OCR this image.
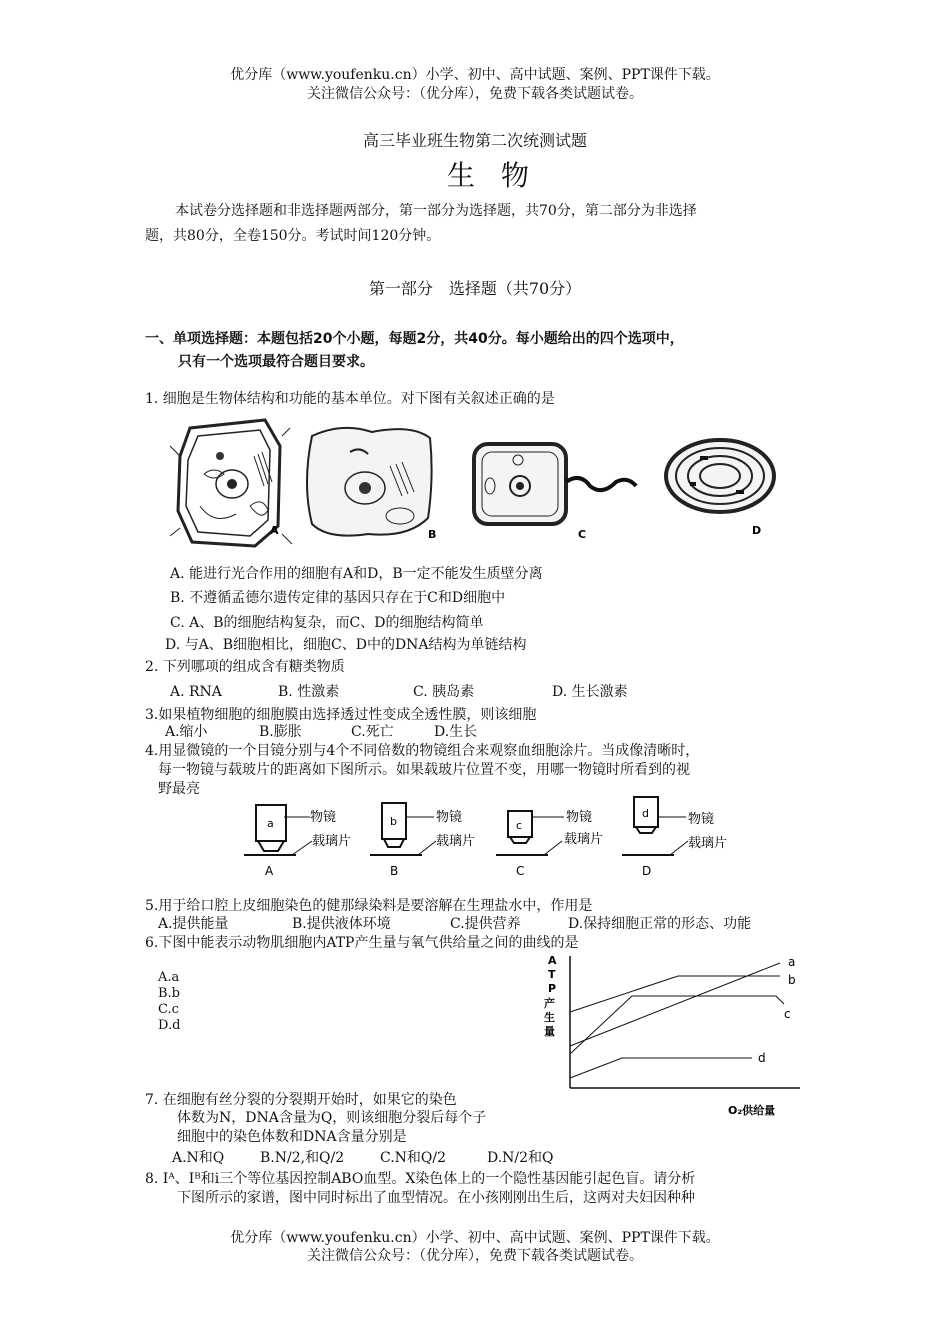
优分库（www.youfenku.cn）小学、初中、高中试题、案例、PPT课件下载。
关注微信公众号：（优分库），免费下载各类试题试卷。
高三毕业班生物第二次统测试题
生物
本试卷分选择题和非选择题两部分，第一部分为选择题，共70分，第二部分为非选择
题，共80分，全卷150分。考试时间120分钟。
第一部分　选择题（共70分）
一、单项选择题：本题包括20个小题，每题2分，共40分。每小题给出的四个选项中，
只有一个选项最符合题目要求。
1. 细胞是生物体结构和功能的基本单位。对下图有关叙述正确的是
A	B	C	D
A. 能进行光合作用的细胞有A和D，B一定不能发生质壁分离
B. 不遵循孟德尔遗传定律的基因只存在于C和D细胞中
C. A、B的细胞结构复杂，而C、D的细胞结构简单
D. 与A、B细胞相比，细胞C、D中的DNA结构为单链结构
2. 下列哪项的组成含有糖类物质
A. RNA	B. 性激素	C. 胰岛素	D. 生长激素
3.如果植物细胞的细胞膜由选择透过性变成全透性膜，则该细胞
A.缩小	B.膨胀	C.死亡	D.生长
4.用显微镜的一个目镜分别与4个不同倍数的物镜组合来观察血细胞涂片。当成像清晰时，
每一物镜与载玻片的距离如下图所示。如果载玻片位置不变，用哪一物镜时所看到的视
野最亮
a	物镜
载璃片
A
b	物镜
载璃片
B
c
物镜
载璃片
C
d	物镜
载璃片
D
5.用于给口腔上皮细胞染色的健那绿染料是要溶解在生理盐水中，作用是
A.提供能量	B.提供液体环境	C.提供营养	D.保持细胞正常的形态、功能
6.下图中能表示动物肌细胞内ATP产生量与氧气供给量之间的曲线的是
A.a
B.b
C.c
D.d
A
T
P
产
生
量
a
b
c
d
O₂供给量
7. 在细胞有丝分裂的分裂期开始时，如果它的染色
体数为N，DNA含量为Q，则该细胞分裂后每个子
细胞中的染色体数和DNA含量分别是
A.N和Q	B.N/2,和Q/2	C.N和Q/2	D.N/2和Q
8. Iᴬ、Iᴮ和i三个等位基因控制ABO血型。X染色体上的一个隐性基因能引起色盲。请分析
下图所示的家谱，图中同时标出了血型情况。在小孩刚刚出生后，这两对夫妇因种种
优分库（www.youfenku.cn）小学、初中、高中试题、案例、PPT课件下载。
关注微信公众号：（优分库），免费下载各类试题试卷。
